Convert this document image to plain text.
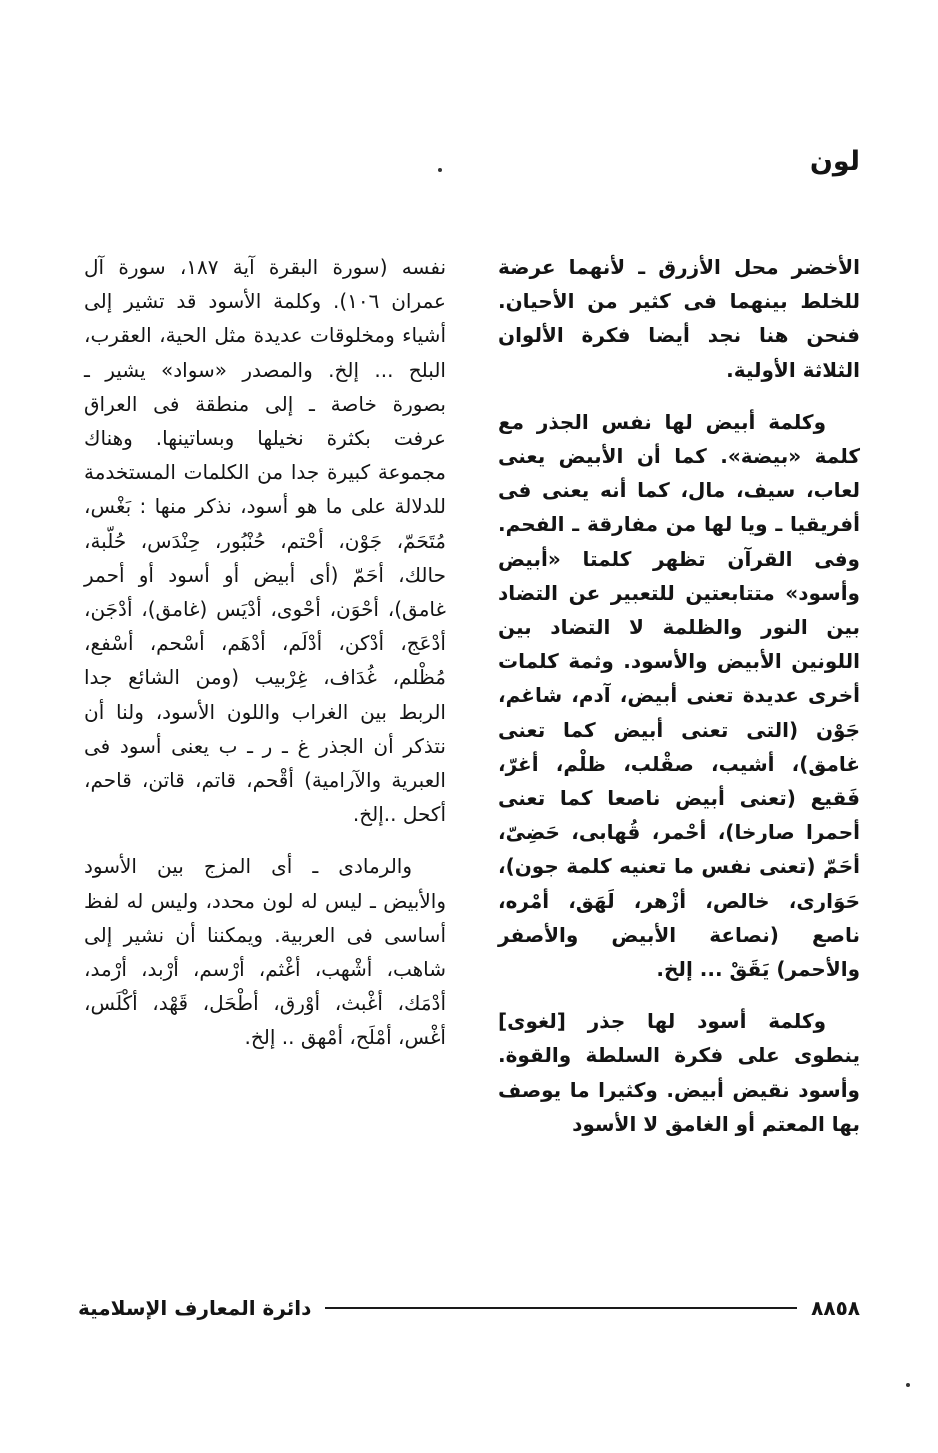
لون

الأخضر محل الأزرق ـ لأنهما عرضة للخلط بينهما فى كثير من الأحيان. فنحن هنا نجد أيضا فكرة الألوان الثلاثة الأولية.

وكلمة أبيض لها نفس الجذر مع كلمة «بيضة». كما أن الأبيض يعنى لعاب، سيف، مال، كما أنه يعنى فى أفريقيا ـ ويا لها من مفارقة ـ الفحم. وفى القرآن تظهر كلمتا «أبيض وأسود» متتابعتين للتعبير عن التضاد بين النور والظلمة لا التضاد بين اللونين الأبيض والأسود. وثمة كلمات أخرى عديدة تعنى أبيض، آدم، شاغم، جَوْن (التى تعنى أبيض كما تعنى غامق)، أشيب، صقْلب، ظلْم، أغرّ، فَقيع (تعنى أبيض ناصعا كما تعنى أحمرا صارخا)، أحْمر، قُهابى، حَضِىّ، أحَمّ (تعنى نفس ما تعنيه كلمة جون)، حَوَارى، خالص، أزْهر، لَهَق، أمْره، ناصع (نصاعة الأبيض والأصفر والأحمر) يَقَقْ ... إلخ.

وكلمة أسود لها جذر [لغوى] ينطوى على فكرة السلطة والقوة. وأسود نقيض أبيض. وكثيرا ما يوصف بها المعتم أو الغامق لا الأسود

نفسه (سورة البقرة آية ١٨٧، سورة آل عمران ١٠٦). وكلمة الأسود قد تشير إلى أشياء ومخلوقات عديدة مثل الحية، العقرب، البلح ... إلخ. والمصدر «سواد» يشير ـ بصورة خاصة ـ إلى منطقة فى العراق عرفت بكثرة نخيلها وبساتينها. وهناك مجموعة كبيرة جدا من الكلمات المستخدمة للدلالة على ما هو أسود، نذكر منها : بَغْس، مُتَحَمّ، جَوْن، أحْتم، حُنْبُور، حِنْدَس، حُلّبة، حالك، أحَمّ (أى أبيض أو أسود أو أحمر غامق)، أحْوَن، أحْوى، أدْيَس (غامق)، أدْجَن، أدْعَج، أدْكن، أدْلَم، أدْهَم، أسْحم، أسْفع، مُظْلم، غُدَاف، غِرْبيب (ومن الشائع جدا الربط بين الغراب واللون الأسود، ولنا أن نتذكر أن الجذر غ ـ ر ـ ب يعنى أسود فى العبرية والآرامية) أقْحم، قاتم، قاتن، قاحم، أكحل ..إلخ.

والرمادى ـ أى المزج بين الأسود والأبيض ـ ليس له لون محدد، وليس له لفظ أساسى فى العربية. ويمكننا أن نشير إلى شاهب، أشْهب، أغْثم، أرْسم، أرْبد، أرْمد، أدْمَك، أغْبث، أوْرق، أطْحَل، قَهْد، أكْلَس، أغْس، أمْلَح، أمْهق .. إلخ.

٨٨٥٨
دائرة المعارف الإسلامية
